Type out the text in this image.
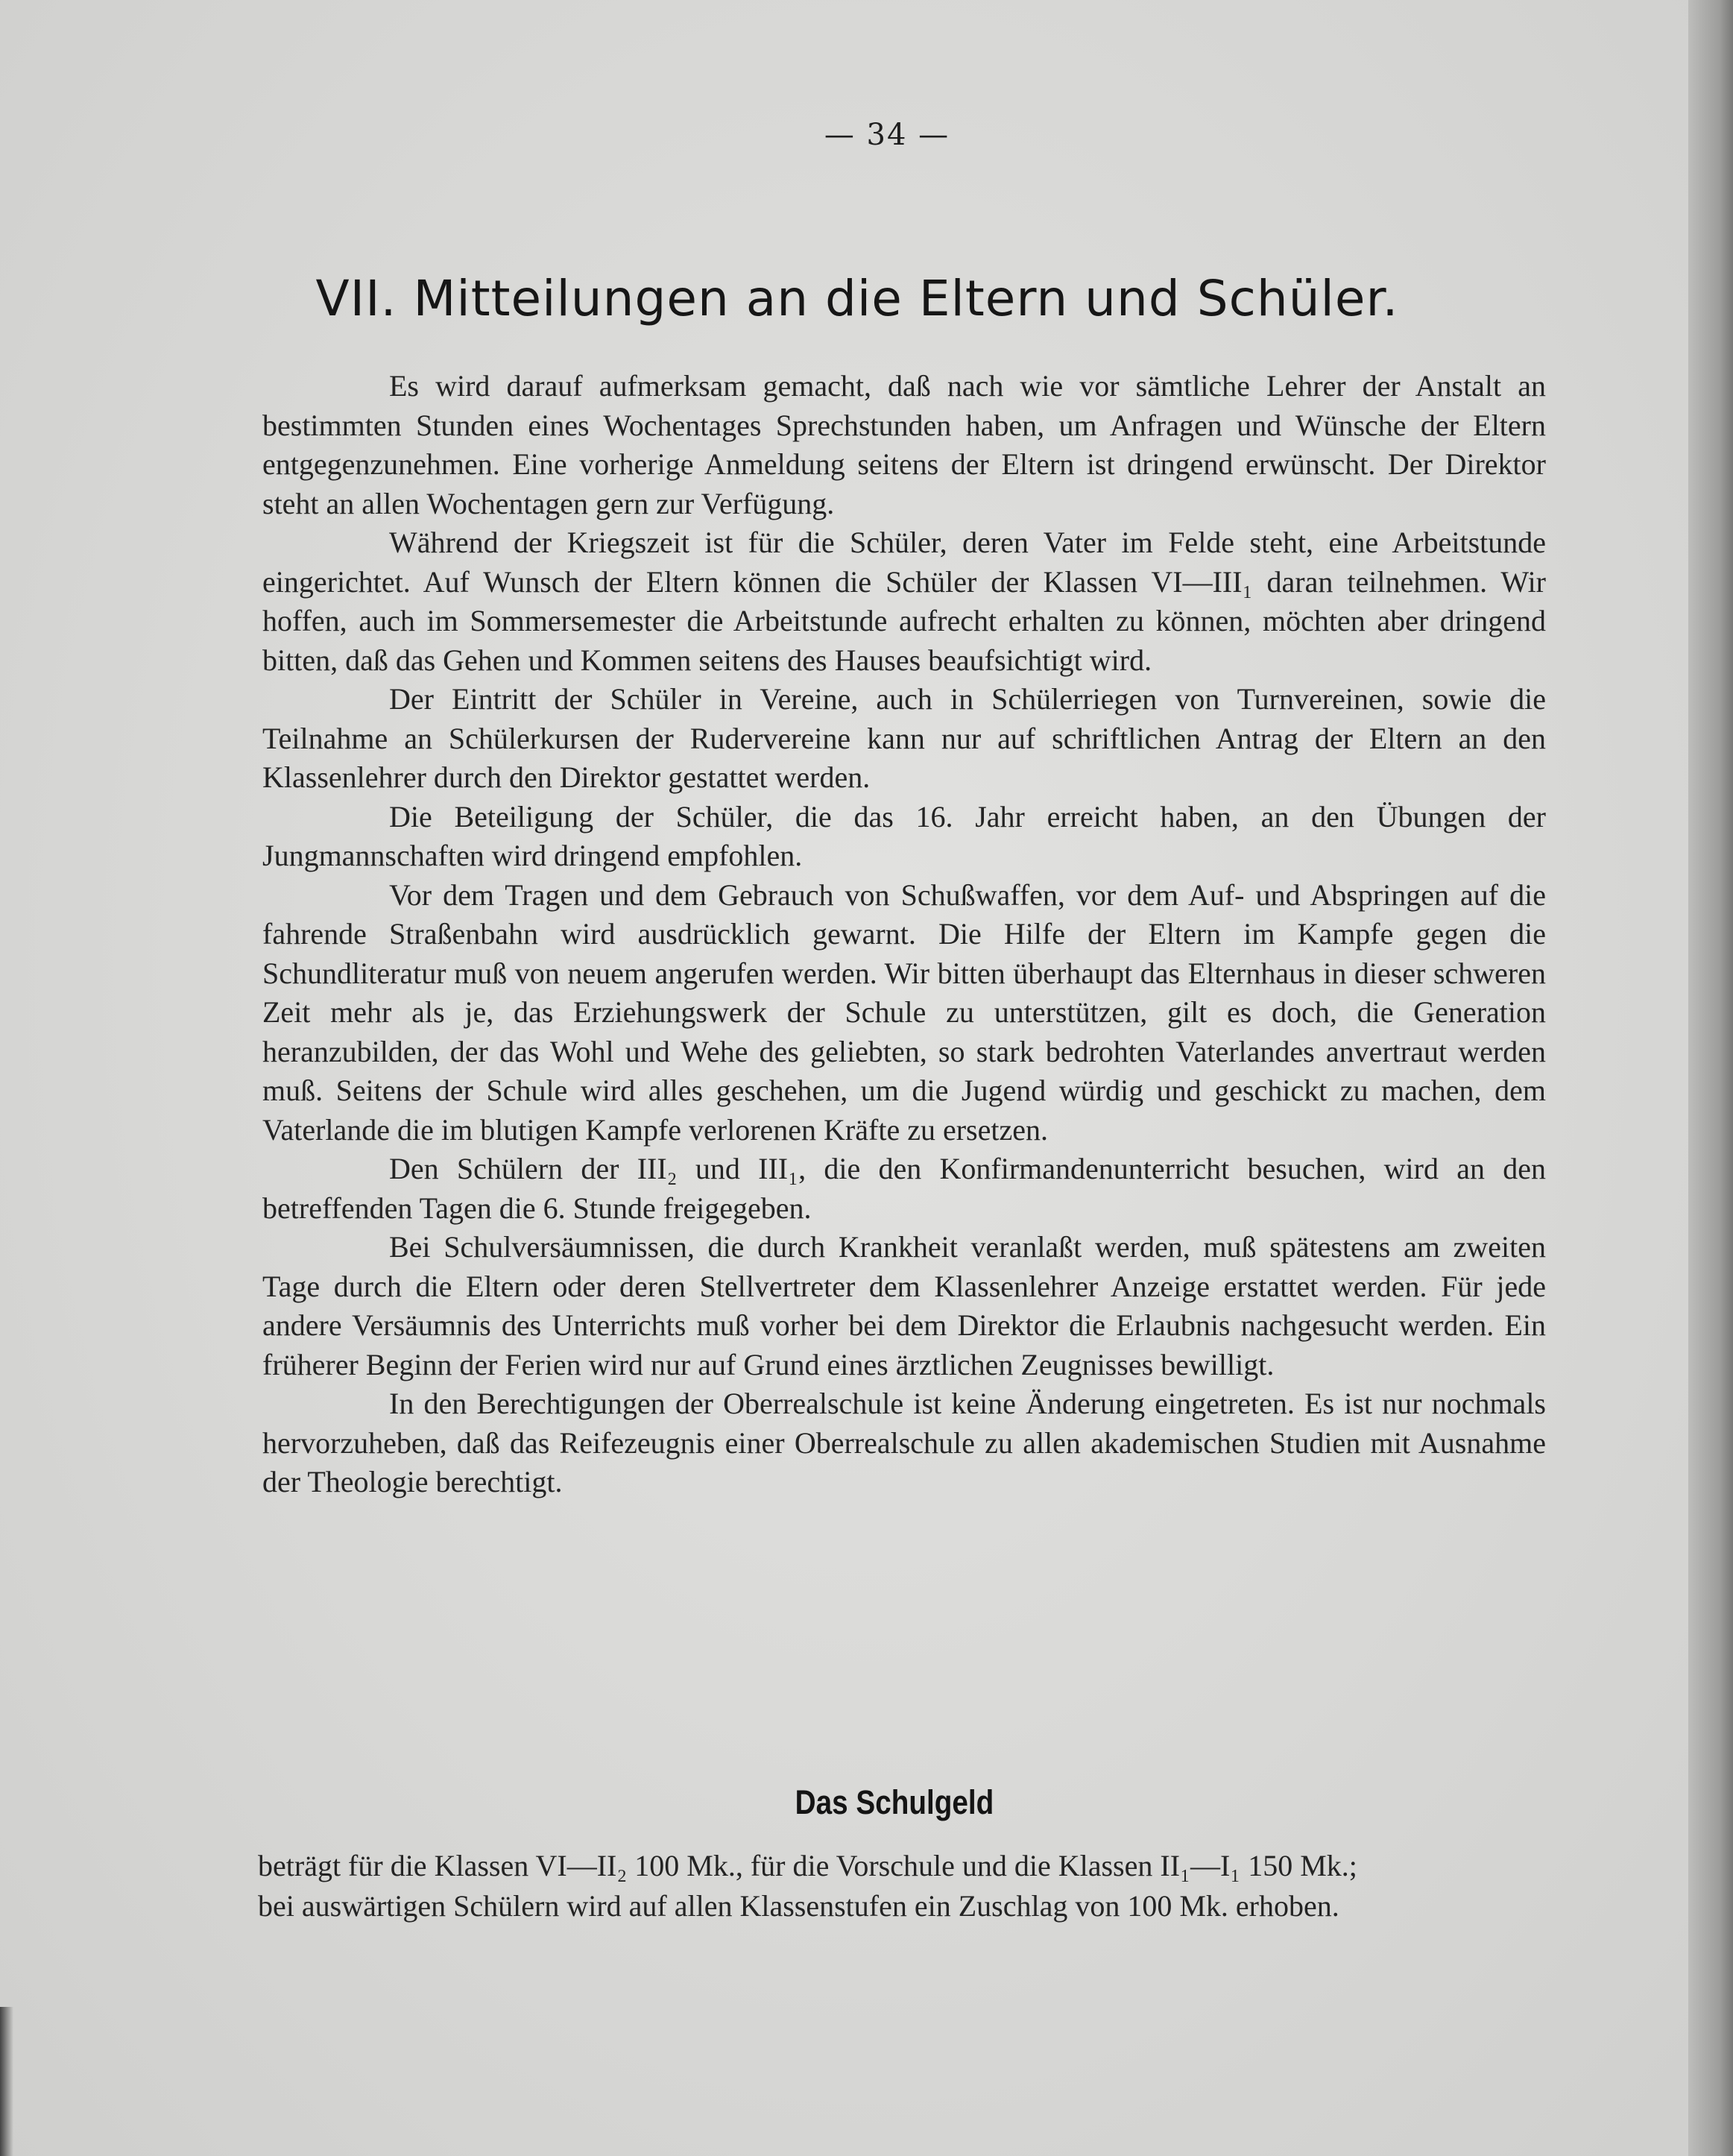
— 34 —
VII. Mitteilungen an die Eltern und Schüler.

Es wird darauf aufmerksam gemacht, daß nach wie vor sämtliche Lehrer der Anstalt an bestimmten Stunden eines Wochentages Sprechstunden haben, um Anfragen und Wünsche der Eltern entgegenzunehmen. Eine vorherige Anmeldung seitens der Eltern ist dringend erwünscht. Der Direktor steht an allen Wochentagen gern zur Verfügung.

Während der Kriegszeit ist für die Schüler, deren Vater im Felde steht, eine Arbeitstunde eingerichtet. Auf Wunsch der Eltern können die Schüler der Klassen VI—III₁ daran teilnehmen. Wir hoffen, auch im Sommersemester die Arbeitstunde aufrecht erhalten zu können, möchten aber dringend bitten, daß das Gehen und Kommen seitens des Hauses beaufsichtigt wird.

Der Eintritt der Schüler in Vereine, auch in Schülerriegen von Turnvereinen, sowie die Teilnahme an Schülerkursen der Rudervereine kann nur auf schriftlichen Antrag der Eltern an den Klassenlehrer durch den Direktor gestattet werden.

Die Beteiligung der Schüler, die das 16. Jahr erreicht haben, an den Übungen der Jungmannschaften wird dringend empfohlen.

Vor dem Tragen und dem Gebrauch von Schußwaffen, vor dem Auf- und Abspringen auf die fahrende Straßenbahn wird ausdrücklich gewarnt. Die Hilfe der Eltern im Kampfe gegen die Schundliteratur muß von neuem angerufen werden. Wir bitten überhaupt das Elternhaus in dieser schweren Zeit mehr als je, das Erziehungswerk der Schule zu unterstützen, gilt es doch, die Generation heranzubilden, der das Wohl und Wehe des geliebten, so stark bedrohten Vaterlandes anvertraut werden muß. Seitens der Schule wird alles geschehen, um die Jugend würdig und geschickt zu machen, dem Vaterlande die im blutigen Kampfe verlorenen Kräfte zu ersetzen.

Den Schülern der III₂ und III₁, die den Konfirmandenunterricht besuchen, wird an den betreffenden Tagen die 6. Stunde freigegeben.

Bei Schulversäumnissen, die durch Krankheit veranlaßt werden, muß spätestens am zweiten Tage durch die Eltern oder deren Stellvertreter dem Klassenlehrer Anzeige erstattet werden. Für jede andere Versäumnis des Unterrichts muß vorher bei dem Direktor die Erlaubnis nachgesucht werden. Ein früherer Beginn der Ferien wird nur auf Grund eines ärztlichen Zeugnisses bewilligt.

In den Berechtigungen der Oberrealschule ist keine Änderung eingetreten. Es ist nur nochmals hervorzuheben, daß das Reifezeugnis einer Oberrealschule zu allen akademischen Studien mit Ausnahme der Theologie berechtigt.

Das Schulgeld
beträgt für die Klassen VI—II₂ 100 Mk., für die Vorschule und die Klassen II₁—I₁ 150 Mk.;
bei auswärtigen Schülern wird auf allen Klassenstufen ein Zuschlag von 100 Mk. erhoben.
